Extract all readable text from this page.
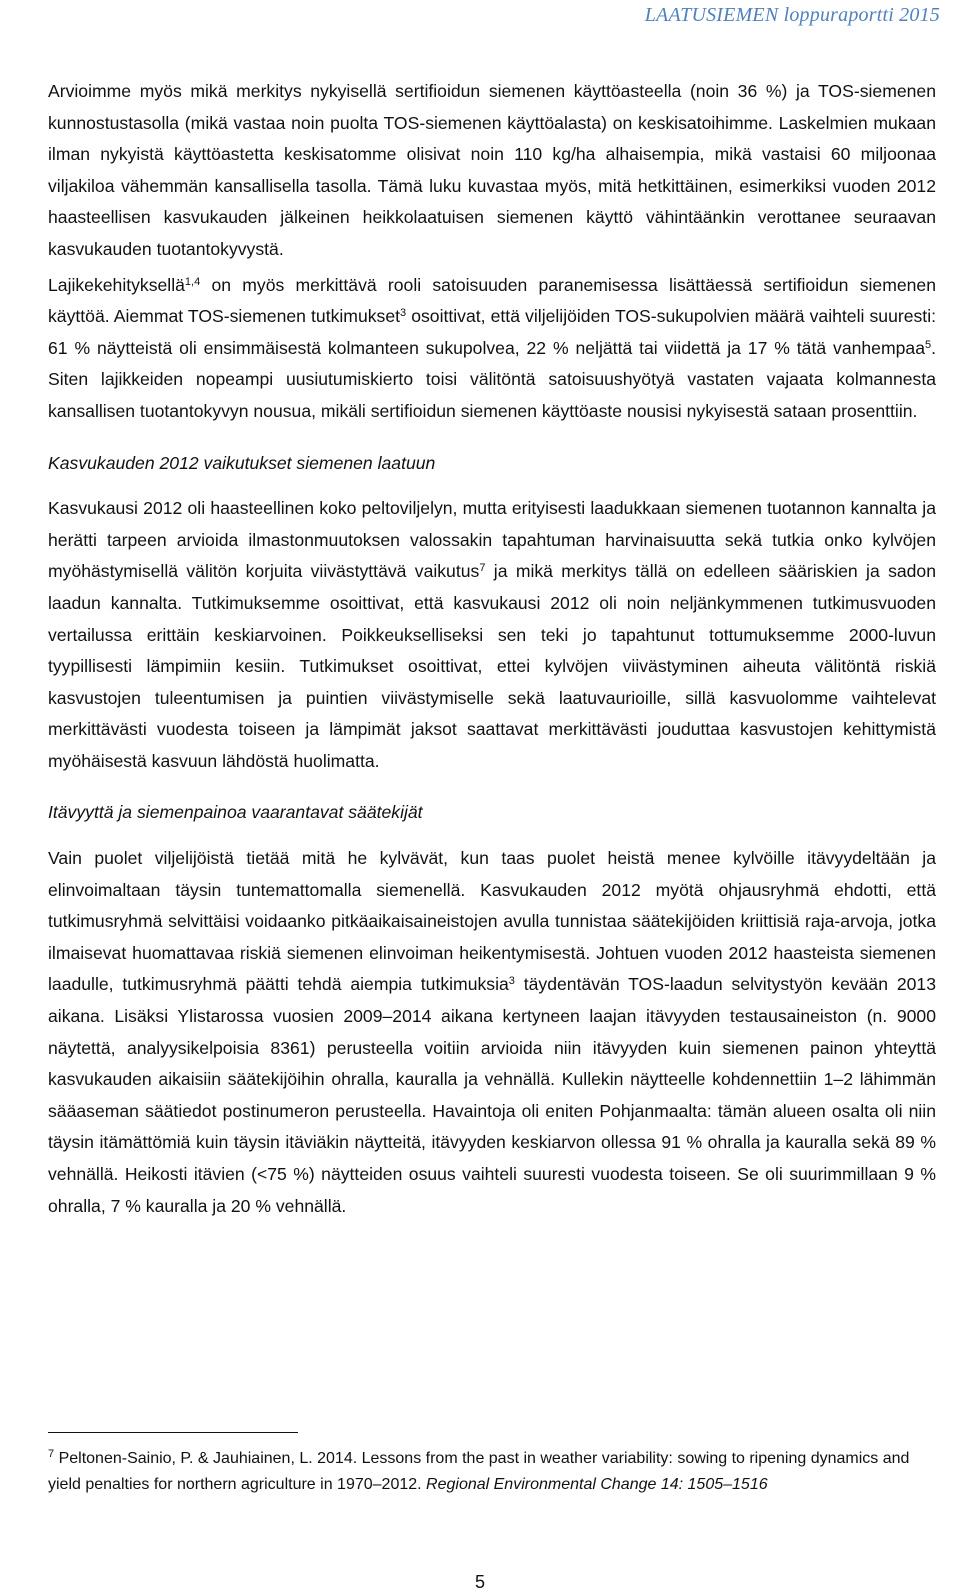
LAATUSIEMEN loppuraportti 2015

Arvioimme myös mikä merkitys nykyisellä sertifioidun siemenen käyttöasteella (noin 36 %) ja TOS-siemenen kunnostustasolla (mikä vastaa noin puolta TOS-siemenen käyttöalasta) on keskisatoihimme. Laskelmien mukaan ilman nykyistä käyttöastetta keskisatomme olisivat noin 110 kg/ha alhaisempia, mikä vastaisi 60 miljoonaa viljakiloa vähemmän kansallisella tasolla. Tämä luku kuvastaa myös, mitä hetkittäinen, esimerkiksi vuoden 2012 haasteellisen kasvukauden jälkeinen heikkolaatuisen siemenen käyttö vähintäänkin verottanee seuraavan kasvukauden tuotantokyvystä.

Lajikekehityksellä$^{1,4}$ on myös merkittävä rooli satoisuuden paranemisessa lisättäessä sertifioidun siemenen käyttöä. Aiemmat TOS-siemenen tutkimukset$^3$ osoittivat, että viljelijöiden TOS-sukupolvien määrä vaihteli suuresti: 61 % näytteistä oli ensimmäisestä kolmanteen sukupolvea, 22 % neljättä tai viidettä ja 17 % tätä vanhempaa$^5$. Siten lajikkeiden nopeampi uusiutumiskierto toisi välitöntä satoisuushyötyä vastaten vajaata kolmannesta kansallisen tuotantokyvyn nousua, mikäli sertifioidun siemenen käyttöaste nousisi nykyisestä sataan prosenttiin.

Kasvukauden 2012 vaikutukset siemenen laatuun

Kasvukausi 2012 oli haasteellinen koko peltoviljelyn, mutta erityisesti laadukkaan siemenen tuotannon kannalta ja herätti tarpeen arvioida ilmastonmuutoksen valossakin tapahtuman harvinaisuutta sekä tutkia onko kylvöjen myöhästymisellä välitön korjuita viivästyttävä vaikutus$^7$ ja mikä merkitys tällä on edelleen sääriskien ja sadon laadun kannalta. Tutkimuksemme osoittivat, että kasvukausi 2012 oli noin neljänkymmenen tutkimusvuoden vertailussa erittäin keskiarvoinen. Poikkeukselliseksi sen teki jo tapahtunut tottumuksemme 2000-luvun tyypillisesti lämpimiin kesiin. Tutkimukset osoittivat, ettei kylvöjen viivästyminen aiheuta välitöntä riskiä kasvustojen tuleentumisen ja puintien viivästymiselle sekä laatuvaurioille, sillä kasvuolomme vaihtelevat merkittävästi vuodesta toiseen ja lämpimät jaksot saattavat merkittävästi jouduttaa kasvustojen kehittymistä myöhäisestä kasvuun lähdöstä huolimatta.

Itävyyttä ja siemenpainoa vaarantavat säätekijät

Vain puolet viljelijöistä tietää mitä he kylvävät, kun taas puolet heistä menee kylvöille itävyydeltään ja elinvoimaltaan täysin tuntemattomalla siemenellä. Kasvukauden 2012 myötä ohjausryhmä ehdotti, että tutkimusryhmä selvittäisi voidaanko pitkäaikaisaineistojen avulla tunnistaa säätekijöiden kriittisiä raja-arvoja, jotka ilmaisevat huomattavaa riskiä siemenen elinvoiman heikentymisestä. Johtuen vuoden 2012 haasteista siemenen laadulle, tutkimusryhmä päätti tehdä aiempia tutkimuksia$^3$ täydentävän TOS-laadun selvitystyön kevään 2013 aikana. Lisäksi Ylistarossa vuosien 2009–2014 aikana kertyneen laajan itävyyden testausaineiston (n. 9000 näytettä, analyysikelpoisia 8361) perusteella voitiin arvioida niin itävyyden kuin siemenen painon yhteyttä kasvukauden aikaisiin säätekijöihin ohralla, kauralla ja vehnällä. Kullekin näytteelle kohdennettiin 1–2 lähimmän sääaseman säätiedot postinumeron perusteella. Havaintoja oli eniten Pohjanmaalta: tämän alueen osalta oli niin täysin itämättömiä kuin täysin itäviäkin näytteitä, itävyyden keskiarvon ollessa 91 % ohralla ja kauralla sekä 89 % vehnällä. Heikosti itävien (<75 %) näytteiden osuus vaihteli suuresti vuodesta toiseen. Se oli suurimmillaan 9 % ohralla, 7 % kauralla ja 20 % vehnällä.

$^7$ Peltonen-Sainio, P. & Jauhiainen, L. 2014. Lessons from the past in weather variability: sowing to ripening dynamics and yield penalties for northern agriculture in 1970–2012. Regional Environmental Change 14: 1505–1516
5
